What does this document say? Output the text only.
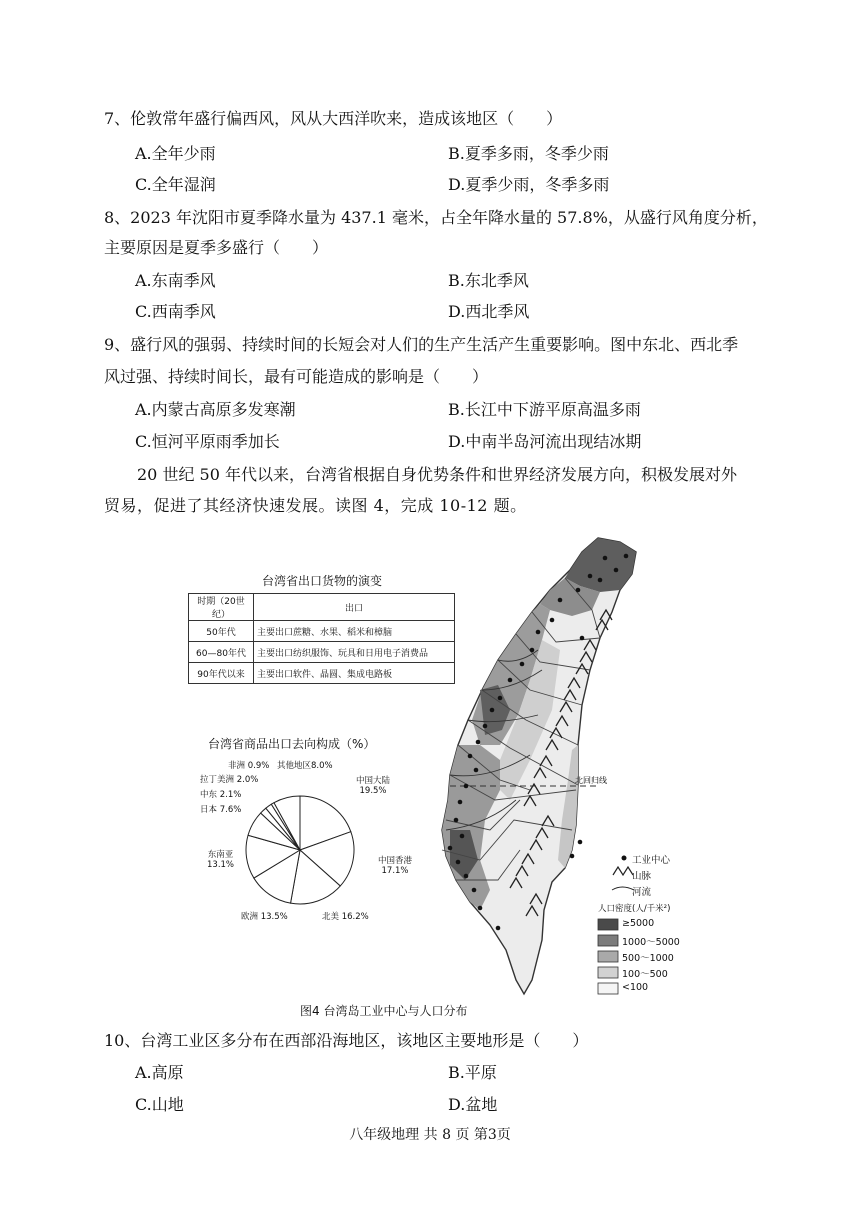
7、伦敦常年盛行偏西风，风从大西洋吹来，造成该地区（　　）
A.全年少雨	B.夏季多雨，冬季少雨
C.全年湿润	D.夏季少雨，冬季多雨
8、2023 年沈阳市夏季降水量为 437.1 毫米，占全年降水量的 57.8%，从盛行风角度分析，
主要原因是夏季多盛行（　　）
A.东南季风	B.东北季风
C.西南季风	D.西北季风
9、盛行风的强弱、持续时间的长短会对人们的生产生活产生重要影响。图中东北、西北季
风过强、持续时间长，最有可能造成的影响是（　　）
A.内蒙古高原多发寒潮	B.长江中下游平原高温多雨
C.恒河平原雨季加长	D.中南半岛河流出现结冰期
20 世纪 50 年代以来，台湾省根据自身优势条件和世界经济发展方向，积极发展对外
贸易，促进了其经济快速发展。读图 4，完成 10-12 题。
台湾省出口货物的演变
时期（20世纪）	出口
50年代	主要出口蔗糖、水果、稻米和樟脑
60—80年代	主要出口纺织服饰、玩具和日用电子消费品
90年代以来	主要出口软件、晶圆、集成电路板
台湾省商品出口去向构成（%）
北回归线
非洲 0.9% 其他地区8.0%
中国大陆
19.5%
拉丁美洲 2.0%
中东 2.1%
日本 7.6%
东南亚
13.1%	中国香港
17.1%
欧洲 13.5%	北美 16.2%
工业中心
山脉
河流
人口密度(人/千米²)
≥5000
1000～5000
500～1000
100～500
<100
图4 台湾岛工业中心与人口分布
10、台湾工业区多分布在西部沿海地区，该地区主要地形是（　　）
A.高原	B.平原
C.山地	D.盆地
八年级地理 共 8 页 第3页
